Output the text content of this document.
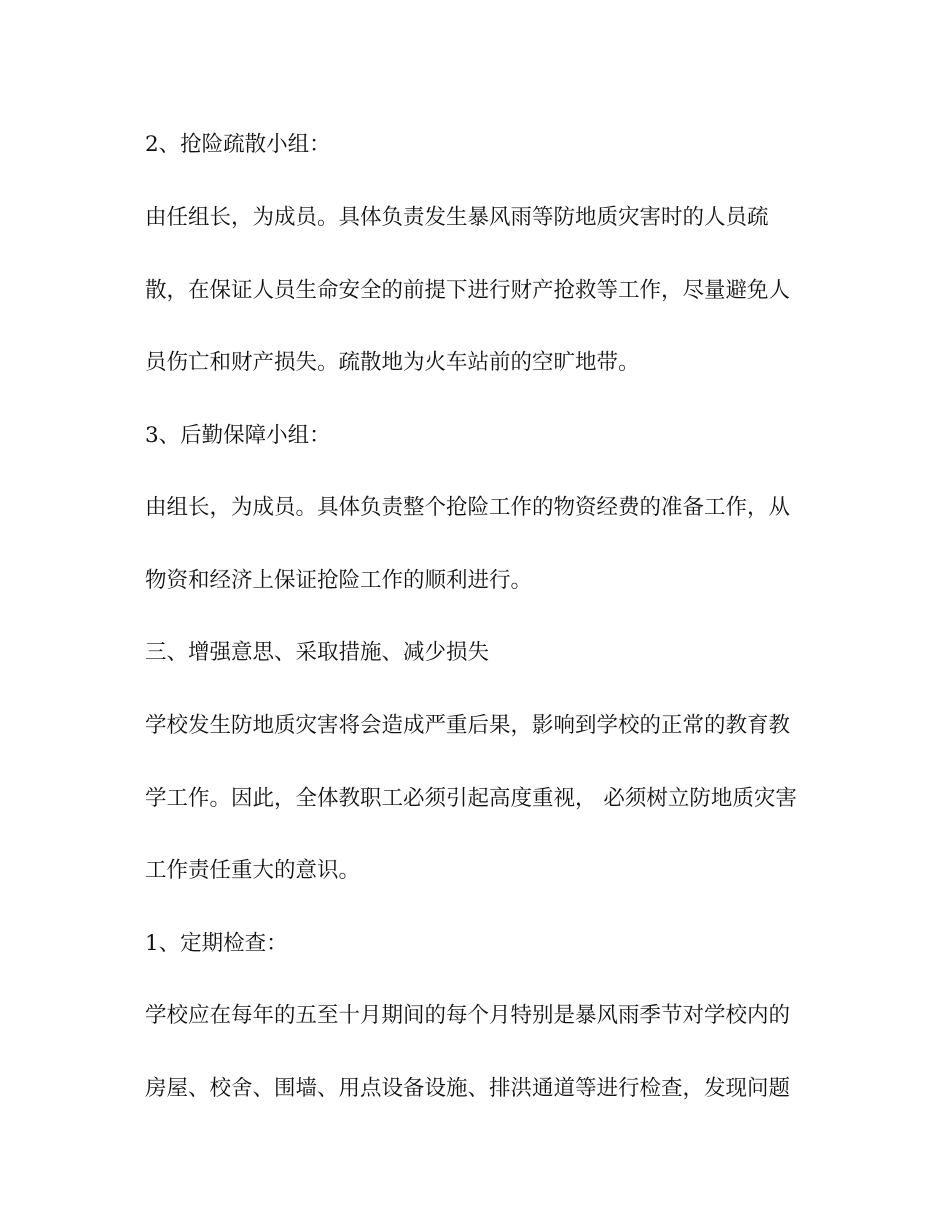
2、抢险疏散小组：
由任组长，为成员。具体负责发生暴风雨等防地质灾害时的人员疏
散，在保证人员生命安全的前提下进行财产抢救等工作，尽量避免人
员伤亡和财产损失。疏散地为火车站前的空旷地带。
3、后勤保障小组：
由组长，为成员。具体负责整个抢险工作的物资经费的准备工作，从
物资和经济上保证抢险工作的顺利进行。
三、增强意思、采取措施、减少损失
学校发生防地质灾害将会造成严重后果，影响到学校的正常的教育教
学工作。因此，全体教职工必须引起高度重视， 必须树立防地质灾害
工作责任重大的意识。
1、定期检查：
学校应在每年的五至十月期间的每个月特别是暴风雨季节对学校内的
房屋、校舍、围墙、用点设备设施、排洪通道等进行检查，发现问题
